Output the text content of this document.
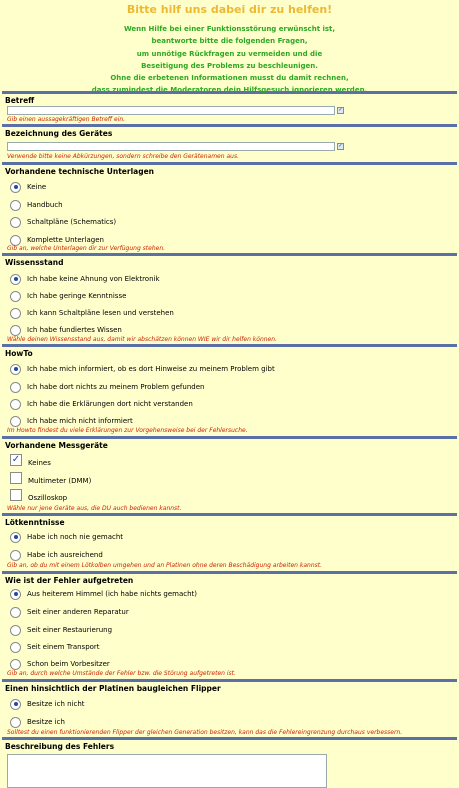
Bitte hilf uns dabei dir zu helfen!
Wenn Hilfe bei einer Funktionsstörung erwünscht ist,
beantworte bitte die folgenden Fragen,
um unnötige Rückfragen zu vermeiden und die
Beseitigung des Problems zu beschleunigen.
Ohne die erbetenen Informationen musst du damit rechnen,
dass zumindest die Moderatoren dein Hilfsgesuch ignorieren werden.
Betreff
✓
Gib einen aussagekräftigen Betreff ein.
Bezeichnung des Gerätes
✓
Verwende bitte keine Abkürzungen, sondern schreibe den Gerätenamen aus.
Vorhandene technische Unterlagen
Keine
Handbuch
Schaltpläne (Schematics)
Komplette Unterlagen
Gib an, welche Unterlagen dir zur Verfügung stehen.
Wissensstand
Ich habe keine Ahnung von Elektronik
Ich habe geringe Kenntnisse
Ich kann Schaltpläne lesen und verstehen
Ich habe fundiertes Wissen
Wähle deinen Wissensstand aus, damit wir abschätzen können WIE wir dir helfen können.
HowTo
Ich habe mich informiert, ob es dort Hinweise zu meinem Problem gibt
Ich habe dort nichts zu meinem Problem gefunden
Ich habe die Erklärungen dort nicht verstanden
Ich habe mich nicht informiert
Im Howto findest du viele Erklärungen zur Vorgehensweise bei der Fehlersuche.
Vorhandene Messgeräte
✓ Keines
Multimeter (DMM)
Oszilloskop
Wähle nur jene Geräte aus, die DU auch bedienen kannst.
Lötkenntnisse
Habe ich noch nie gemacht
Habe ich ausreichend
Gib an, ob du mit einem Lötkolben umgehen und an Platinen ohne deren Beschädigung arbeiten kannst.
Wie ist der Fehler aufgetreten
Aus heiterem Himmel (ich habe nichts gemacht)
Seit einer anderen Reparatur
Seit einer Restaurierung
Seit einem Transport
Schon beim Vorbesitzer
Gib an, durch welche Umstände der Fehler bzw. die Störung aufgetreten ist.
Einen hinsichtlich der Platinen baugleichen Flipper
Besitze ich nicht
Besitze ich
Solltest du einen funktionierenden Flipper der gleichen Generation besitzen, kann das die Fehlereingrenzung durchaus verbessern.
Beschreibung des Fehlers
